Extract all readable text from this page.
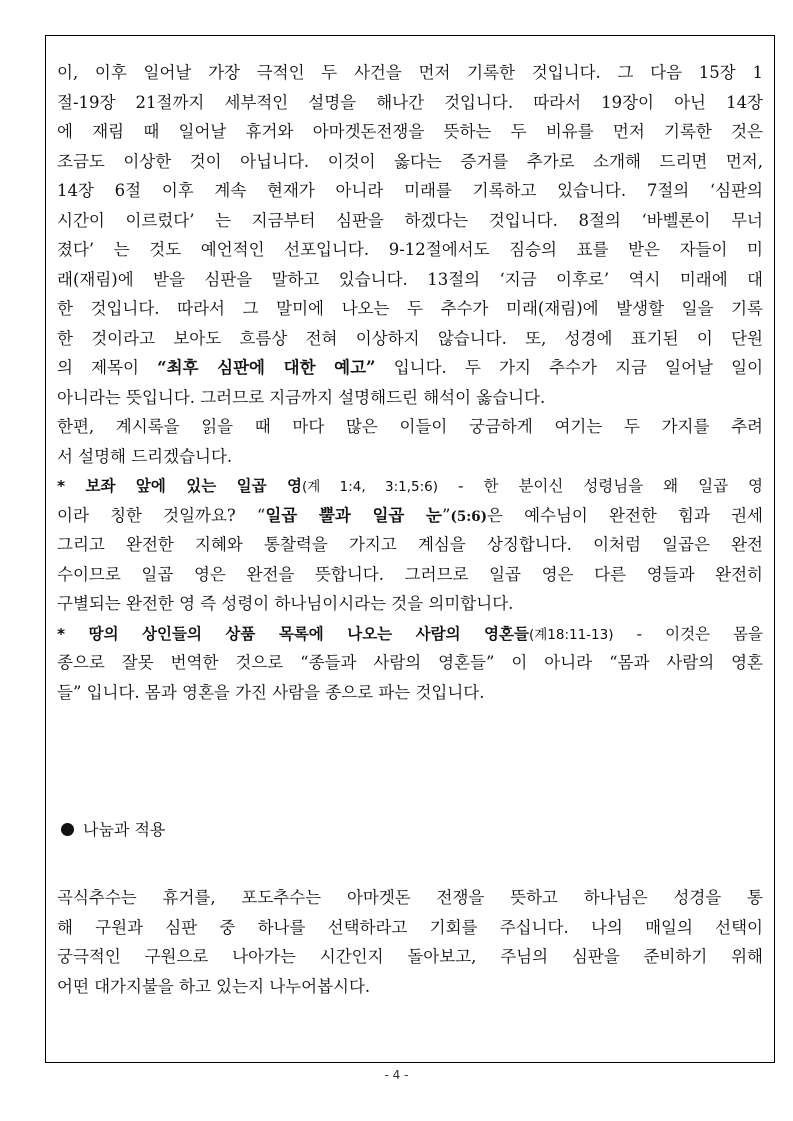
이, 이후 일어날 가장 극적인 두 사건을 먼저 기록한 것입니다. 그 다음 15장 1

절-19장 21절까지 세부적인 설명을 해나간 것입니다. 따라서 19장이 아닌 14장

에 재림 때 일어날 휴거와 아마겟돈전쟁을 뜻하는 두 비유를 먼저 기록한 것은

조금도 이상한 것이 아닙니다. 이것이 옳다는 증거를 추가로 소개해 드리면 먼저,

14장 6절 이후 계속 현재가 아니라 미래를 기록하고 있습니다. 7절의 ‘심판의

시간이 이르렀다’ 는 지금부터 심판을 하겠다는 것입니다. 8절의 ‘바벨론이 무너

졌다’ 는 것도 예언적인 선포입니다. 9-12절에서도 짐승의 표를 받은 자들이 미

래(재림)에 받을 심판을 말하고 있습니다. 13절의 ‘지금 이후로’ 역시 미래에 대

한 것입니다. 따라서 그 말미에 나오는 두 추수가 미래(재림)에 발생할 일을 기록

한 것이라고 보아도 흐름상 전혀 이상하지 않습니다. 또, 성경에 표기된 이 단원

의 제목이 “최후 심판에 대한 예고” 입니다. 두 가지 추수가 지금 일어날 일이

아니라는 뜻입니다. 그러므로 지금까지 설명해드린 해석이 옳습니다.

한편, 계시록을 읽을 때 마다 많은 이들이 궁금하게 여기는 두 가지를 추려

서 설명해 드리겠습니다.

* 보좌 앞에 있는 일곱 영(계 1:4, 3:1,5:6) - 한 분이신 성령님을 왜 일곱 영

이라 칭한 것일까요? “일곱 뿔과 일곱 눈”(5:6)은 예수님이 완전한 힘과 권세

그리고 완전한 지혜와 통찰력을 가지고 계심을 상징합니다. 이처럼 일곱은 완전

수이므로 일곱 영은 완전을 뜻합니다. 그러므로 일곱 영은 다른 영들과 완전히

구별되는 완전한 영 즉 성령이 하나님이시라는 것을 의미합니다.

* 땅의 상인들의 상품 목록에 나오는 사람의 영혼들(계18:11-13) - 이것은 몸을

종으로 잘못 번역한 것으로 “종들과 사람의 영혼들” 이 아니라 “몸과 사람의 영혼

들” 입니다. 몸과 영혼을 가진 사람을 종으로 파는 것입니다.

나눔과 적용

곡식추수는 휴거를, 포도추수는 아마겟돈 전쟁을 뜻하고 하나님은 성경을 통

해 구원과 심판 중 하나를 선택하라고 기회를 주십니다. 나의 매일의 선택이

궁극적인 구원으로 나아가는 시간인지 돌아보고, 주님의 심판을 준비하기 위해

어떤 대가지불을 하고 있는지 나누어봅시다.

- 4 -
